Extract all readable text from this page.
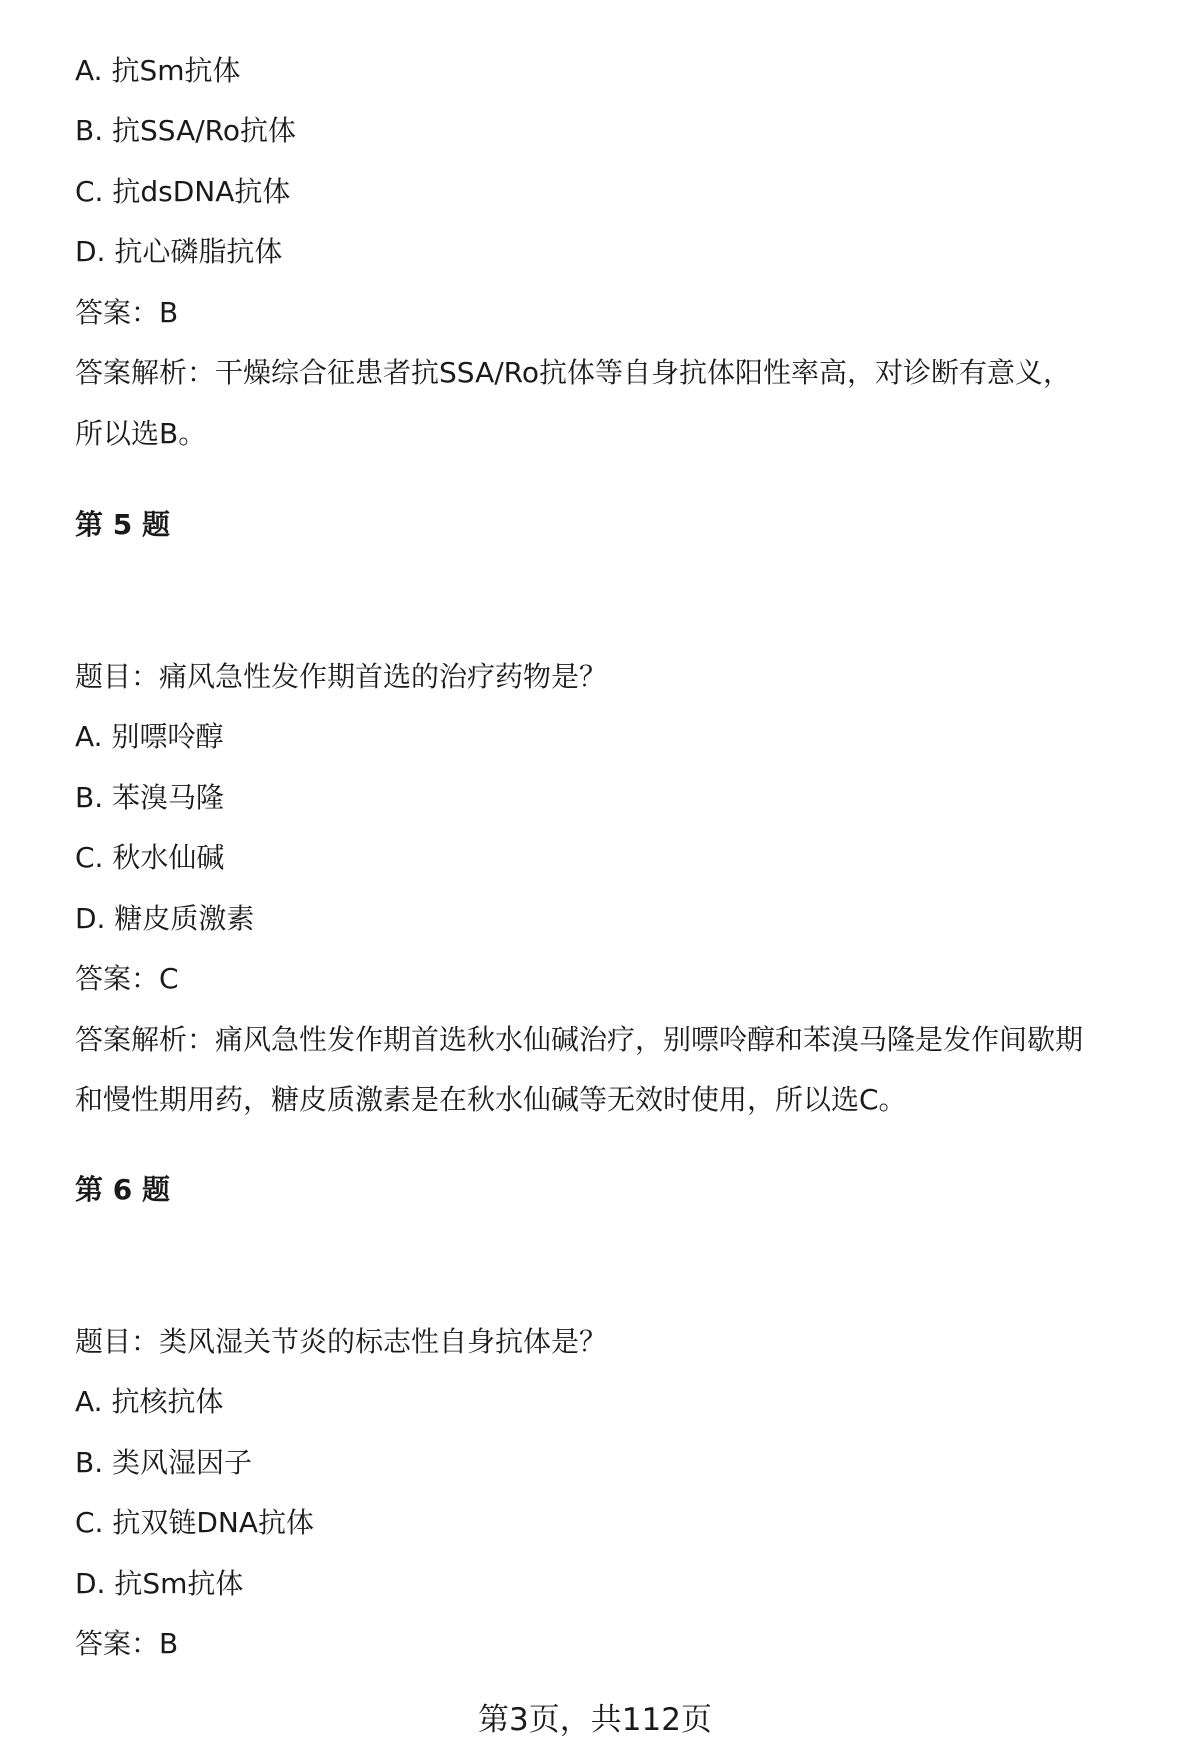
A. 抗Sm抗体
B. 抗SSA/Ro抗体
C. 抗dsDNA抗体
D. 抗心磷脂抗体
答案：B
答案解析：干燥综合征患者抗SSA/Ro抗体等自身抗体阳性率高，对诊断有意义，
所以选B。
第 5 题
题目：痛风急性发作期首选的治疗药物是？
A. 别嘌呤醇
B. 苯溴马隆
C. 秋水仙碱
D. 糖皮质激素
答案：C
答案解析：痛风急性发作期首选秋水仙碱治疗，别嘌呤醇和苯溴马隆是发作间歇期
和慢性期用药，糖皮质激素是在秋水仙碱等无效时使用，所以选C。
第 6 题
题目：类风湿关节炎的标志性自身抗体是？
A. 抗核抗体
B. 类风湿因子
C. 抗双链DNA抗体
D. 抗Sm抗体
答案：B
第3页，共112页
